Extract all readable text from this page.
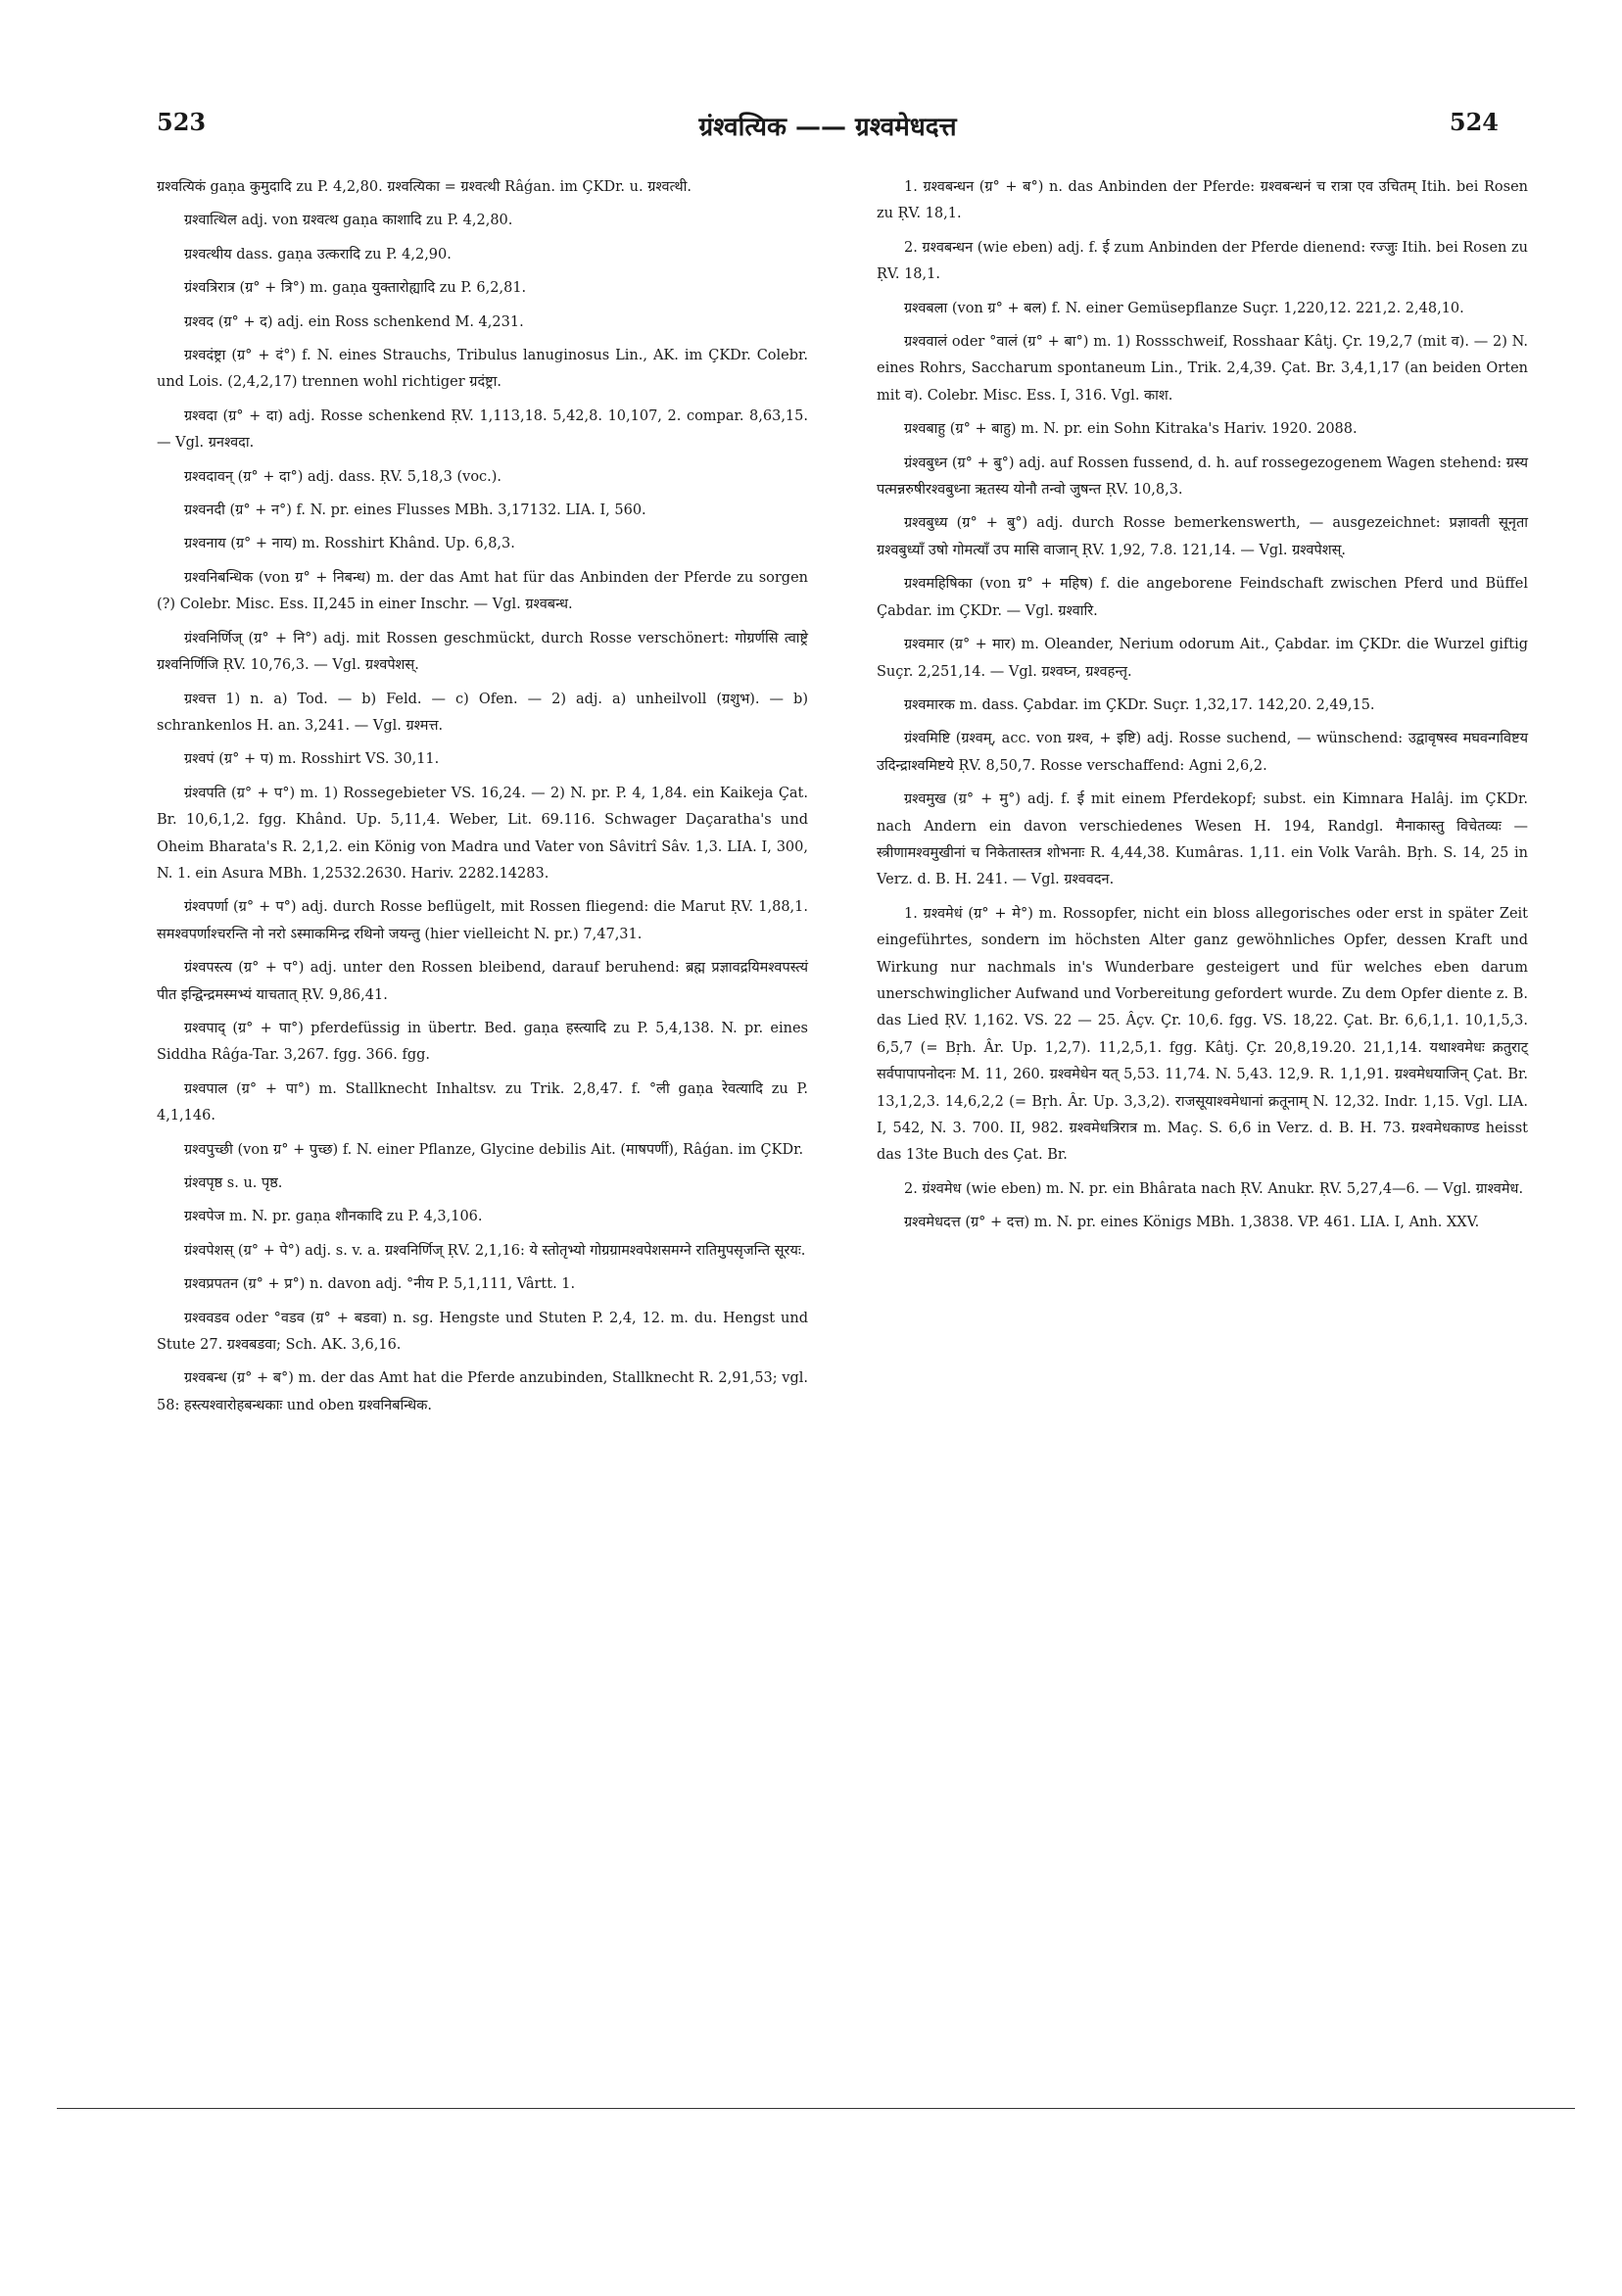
523	ग्रंश्वत्यिक —— ग्रश्वमेधदत्त	524

ग्रश्वत्यिकं gaṇa कुमुदादि zu P. 4,2,80. ग्रश्वत्यिका = ग्रश्वत्थी Râǵan. im ÇKDr. u. ग्रश्वत्थी.

ग्रश्वात्थिल adj. von ग्रश्वत्थ gaṇa काशादि zu P. 4,2,80.

ग्रश्वत्थीय dass. gaṇa उत्करादि zu P. 4,2,90.

ग्रंश्वत्रिरात्र (ग्र° + त्रि°) m. gaṇa युक्तारोह्यादि zu P. 6,2,81.

ग्रश्वद (ग्र° + द) adj. ein Ross schenkend M. 4,231.

ग्रश्वदंष्ट्रा (ग्र° + दं°) f. N. eines Strauchs, Tribulus lanuginosus Lin., AK. im ÇKDr. Colebr. und Lois. (2,4,2,17) trennen wohl richtiger ग्रदंष्ट्रा.

ग्रश्वदा (ग्र° + दा) adj. Rosse schenkend ṚV. 1,113,18. 5,42,8. 10,107, 2. compar. 8,63,15. — Vgl. ग्रनश्वदा.

ग्रश्वदावन् (ग्र° + दा°) adj. dass. ṚV. 5,18,3 (voc.).

ग्रश्वनदी (ग्र° + न°) f. N. pr. eines Flusses MBh. 3,17132. LIA. I, 560.

ग्रश्वनाय (ग्र° + नाय) m. Rosshirt Khând. Up. 6,8,3.

ग्रश्वनिबन्धिक (von ग्र° + निबन्ध) m. der das Amt hat für das Anbinden der Pferde zu sorgen (?) Colebr. Misc. Ess. II,245 in einer Inschr. — Vgl. ग्रश्वबन्ध.

ग्रंश्वनिर्णिज् (ग्र° + नि°) adj. mit Rossen geschmückt, durch Rosse verschönert: गोग्रर्णसि त्वाष्ट्रे ग्रश्वनिर्णिजि ṚV. 10,76,3. — Vgl. ग्रश्वपेशस्.

ग्रश्वत्त 1) n. a) Tod. — b) Feld. — c) Ofen. — 2) adj. a) unheilvoll (ग्रशुभ). — b) schrankenlos H. an. 3,241. — Vgl. ग्रश्मत्त.

ग्रश्वपं (ग्र° + प) m. Rosshirt VS. 30,11.

ग्रंश्वपति (ग्र° + प°) m. 1) Rossegebieter VS. 16,24. — 2) N. pr. P. 4, 1,84. ein Kaikeja Çat. Br. 10,6,1,2. fgg. Khând. Up. 5,11,4. Weber, Lit. 69.116. Schwager Daçaratha's und Oheim Bharata's R. 2,1,2. ein König von Madra und Vater von Sâvitrî Sâv. 1,3. LIA. I, 300, N. 1. ein Asura MBh. 1,2532.2630. Hariv. 2282.14283.

ग्रंश्वपर्णा (ग्र° + प°) adj. durch Rosse beflügelt, mit Rossen fliegend: die Marut ṚV. 1,88,1. समश्वपर्णाश्चरन्ति नो नरो ऽस्माकमिन्द्र रथिनो जयन्तु (hier vielleicht N. pr.) 7,47,31.

ग्रंश्वपस्त्य (ग्र° + प°) adj. unter den Rossen bleibend, darauf beruhend: ब्रह्म प्रज्ञावद्रयिमश्वपस्त्यं पीत इन्द्विन्द्रमस्मभ्यं याचतात् ṚV. 9,86,41.

ग्रश्वपाद् (ग्र° + पा°) pferdefüssig in übertr. Bed. gaṇa हस्त्यादि zu P. 5,4,138. N. pr. eines Siddha Râǵa-Tar. 3,267. fgg. 366. fgg.

ग्रश्वपाल (ग्र° + पा°) m. Stallknecht Inhaltsv. zu Trik. 2,8,47. f. °ली gaṇa रेवत्यादि zu P. 4,1,146.

ग्रश्वपुच्छी (von ग्र° + पुच्छ) f. N. einer Pflanze, Glycine debilis Ait. (माषपर्णी), Râǵan. im ÇKDr.

ग्रंश्वपृष्ठ s. u. पृष्ठ.

ग्रश्वपेज m. N. pr. gaṇa शौनकादि zu P. 4,3,106.

ग्रंश्वपेशस् (ग्र° + पे°) adj. s. v. a. ग्रश्वनिर्णिज् ṚV. 2,1,16: ये स्तोतृभ्यो गोग्रग्रामश्वपेशसमग्ने रातिमुपसृजन्ति सूरयः.

ग्रश्वप्रपतन (ग्र° + प्र°) n. davon adj. °नीय P. 5,1,111, Vârtt. 1.

ग्रश्ववडव oder °वडव (ग्र° + बडवा) n. sg. Hengste und Stuten P. 2,4, 12. m. du. Hengst und Stute 27. ग्रश्वबडवा; Sch. AK. 3,6,16.

ग्रश्वबन्ध (ग्र° + ब°) m. der das Amt hat die Pferde anzubinden, Stallknecht R. 2,91,53; vgl. 58: हस्त्यश्वारोहबन्धकाः und oben ग्रश्वनिबन्धिक.

1. ग्रश्वबन्धन (ग्र° + ब°) n. das Anbinden der Pferde: ग्रश्वबन्धनं च रात्रा एव उचितम् Itih. bei Rosen zu ṚV. 18,1.

2. ग्रश्वबन्धन (wie eben) adj. f. ई zum Anbinden der Pferde dienend: रज्जुः Itih. bei Rosen zu ṚV. 18,1.

ग्रश्वबला (von ग्र° + बल) f. N. einer Gemüsepflanze Suçr. 1,220,12. 221,2. 2,48,10.

ग्रश्ववालं oder °वालं (ग्र° + बा°) m. 1) Rossschweif, Rosshaar Kâtj. Çr. 19,2,7 (mit व). — 2) N. eines Rohrs, Saccharum spontaneum Lin., Trik. 2,4,39. Çat. Br. 3,4,1,17 (an beiden Orten mit व). Colebr. Misc. Ess. I, 316. Vgl. काश.

ग्रश्वबाहु (ग्र° + बाहु) m. N. pr. ein Sohn Kitraka's Hariv. 1920. 2088.

ग्रंश्वबुध्न (ग्र° + बु°) adj. auf Rossen fussend, d. h. auf rossegezogenem Wagen stehend: ग्रस्य पत्मन्नरुषीरश्वबुध्ना ऋतस्य योनौ तन्वो जुषन्त ṚV. 10,8,3.

ग्रश्वबुध्य (ग्र° + बु°) adj. durch Rosse bemerkenswerth, — ausgezeichnet: प्रज्ञावती सूनृता ग्रश्वबुध्याँ उषो गोमत्याँ उप मासि वाजान् ṚV. 1,92, 7.8. 121,14. — Vgl. ग्रश्वपेशस्.

ग्रश्वमहिषिका (von ग्र° + महिष) f. die angeborene Feindschaft zwischen Pferd und Büffel Çabdar. im ÇKDr. — Vgl. ग्रश्वारि.

ग्रश्वमार (ग्र° + मार) m. Oleander, Nerium odorum Ait., Çabdar. im ÇKDr. die Wurzel giftig Suçr. 2,251,14. — Vgl. ग्रश्वघ्न, ग्रश्वहन्तृ.

ग्रश्वमारक m. dass. Çabdar. im ÇKDr. Suçr. 1,32,17. 142,20. 2,49,15.

ग्रंश्वमिष्टि (ग्रश्वम्, acc. von ग्रश्व, + इष्टि) adj. Rosse suchend, — wünschend: उद्वावृषस्व मघवन्गविष्टय उदिन्द्राश्वमिष्टये ṚV. 8,50,7. Rosse verschaffend: Agni 2,6,2.

ग्रश्वमुख (ग्र° + मु°) adj. f. ई mit einem Pferdekopf; subst. ein Kimnara Halâj. im ÇKDr. nach Andern ein davon verschiedenes Wesen H. 194, Randgl. मैनाकास्तु विचेतव्यः — स्त्रीणामश्वमुखीनां च निकेतास्तत्र शोभनाः R. 4,44,38. Kumâras. 1,11. ein Volk Varâh. Bṛh. S. 14, 25 in Verz. d. B. H. 241. — Vgl. ग्रश्ववदन.

1. ग्रश्वमेधं (ग्र° + मे°) m. Rossopfer, nicht ein bloss allegorisches oder erst in später Zeit eingeführtes, sondern im höchsten Alter ganz gewöhnliches Opfer, dessen Kraft und Wirkung nur nachmals in's Wunderbare gesteigert und für welches eben darum unerschwinglicher Aufwand und Vorbereitung gefordert wurde. Zu dem Opfer diente z. B. das Lied ṚV. 1,162. VS. 22 — 25. Âçv. Çr. 10,6. fgg. VS. 18,22. Çat. Br. 6,6,1,1. 10,1,5,3. 6,5,7 (= Bṛh. Âr. Up. 1,2,7). 11,2,5,1. fgg. Kâtj. Çr. 20,8,19.20. 21,1,14. यथाश्वमेधः क्रतुराट् सर्वपापापनोदनः M. 11, 260. ग्रश्वमेधेन यत् 5,53. 11,74. N. 5,43. 12,9. R. 1,1,91. ग्रश्वमेधयाजिन् Çat. Br. 13,1,2,3. 14,6,2,2 (= Bṛh. Âr. Up. 3,3,2). राजसूयाश्वमेधानां क्रतूनाम् N. 12,32. Indr. 1,15. Vgl. LIA. I, 542, N. 3. 700. II, 982. ग्रश्वमेधत्रिरात्र m. Maç. S. 6,6 in Verz. d. B. H. 73. ग्रश्वमेधकाण्ड heisst das 13te Buch des Çat. Br.

2. ग्रंश्वमेध (wie eben) m. N. pr. ein Bhârata nach ṚV. Anukr. ṚV. 5,27,4—6. — Vgl. ग्राश्वमेध.

ग्रश्वमेधदत्त (ग्र° + दत्त) m. N. pr. eines Königs MBh. 1,3838. VP. 461. LIA. I, Anh. XXV.
